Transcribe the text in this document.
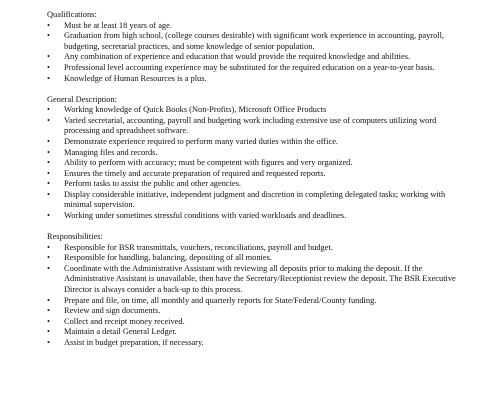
Qualifications:

• Must be at least 18 years of age.
• Graduation from high school, (college courses desirable) with significant work experience in accounting, payroll, budgeting, secretarial practices, and some knowledge of senior population.
• Any combination of experience and education that would provide the required knowledge and abilities.
• Professional level accounting experience may be substituted for the required education on a year-to-year basis.
• Knowledge of Human Resources is a plus.

General Description:

• Working knowledge of Quick Books (Non-Profits), Microsoft Office Products
• Varied secretarial, accounting, payroll and budgeting work including extensive use of computers utilizing word processing and spreadsheet software.
• Demonstrate experience required to perform many varied duties within the office.
• Managing files and records.
• Ability to perform with accuracy; must be competent with figures and very organized.
• Ensures the timely and accurate preparation of required and requested reports.
• Perform tasks to assist the public and other agencies.
• Display considerable initiative, independent judgment and discretion in completing delegated tasks; working with minimal supervision.
• Working under sometimes stressful conditions with varied workloads and deadlines.

Responsibilities:

• Responsible for BSR transmittals, vouchers, reconciliations, payroll and budget.
• Responsible for handling, balancing, depositing of all monies.
• Coordinate with the Administrative Assistant with reviewing all deposits prior to making the deposit. If the Administrative Assistant is unavailable, then have the Secretary/Receptionist review the deposit. The BSR Executive Director is always consider a back-up to this process.
• Prepare and file, on time, all monthly and quarterly reports for State/Federal/County funding.
• Review and sign documents.
• Collect and receipt money received.
• Maintain a detail General Ledger.
• Assist in budget preparation, if necessary.
